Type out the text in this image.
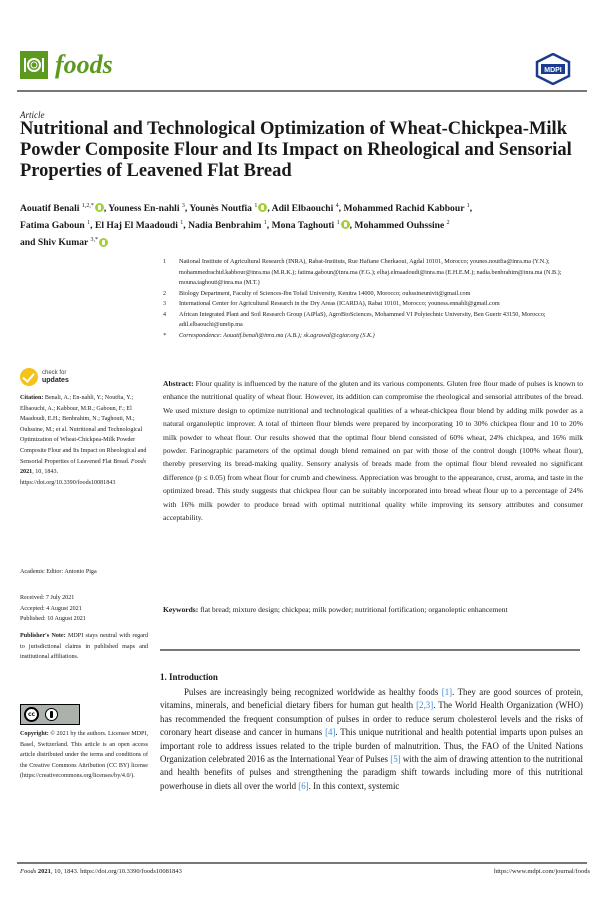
foods	MDPI
Article
Nutritional and Technological Optimization of Wheat-Chickpea-Milk Powder Composite Flour and Its Impact on Rheological and Sensorial Properties of Leavened Flat Bread
Aouatif Benali $^{1,2,*}$ , Youness En-nahli $^3$, Younès Noutfia $^1$ , Adil Elbaouchi $^4$, Mohammed Rachid Kabbour $^1$,
Fatima Gaboun $^1$, El Haj El Maadoudi $^1$, Nadia Benbrahim $^1$, Mona Taghouti $^1$ , Mohammed Ouhssine $^2$
and Shiv Kumar $^{3,*}$
1 National Institute of Agricultural Research (INRA), Rabat-Instituts, Rue Hafiane Cherkaoui, Agdal 10101, Morocco; younes.noutfia@inra.ma (Y.N.); mohammedrachid.kabbour@inra.ma (M.R.K.); fatima.gaboun@inra.ma (F.G.); elhaj.elmaadoudi@inra.ma (E.H.E.M.); nadia.benbrahim@inra.ma (N.B.); mouna.taghouti@inra.ma (M.T.)
2 Biology Department, Faculty of Sciences-Ibn Tofail University, Kenitra 14000, Morocco; ouhssineunivit@gmail.com
3 International Center for Agricultural Research in the Dry Areas (ICARDA), Rabat 10101, Morocco; youness.ennahli@gmail.com
4 African Integrated Plant and Soil Research Group (AiPlaS), AgroBioSciences, Mohammed VI Polytechnic University, Ben Guerir 43150, Morocco; adil.elbaouchi@um6p.ma
* Correspondence: Aouatif.benali@inra.ma (A.B.); sk.agrawal@cgiar.org (S.K.)
Abstract: Flour quality is influenced by the nature of the gluten and its various components. Gluten free flour made of pulses is known to enhance the nutritional quality of wheat flour. However, its addition can compromise the rheological and sensorial attributes of the bread. We used mixture design to optimize nutritional and technological qualities of a wheat-chickpea flour blend by adding milk powder as a natural organoleptic improver. A total of thirteen flour blends were prepared by incorporating 10 to 30% chickpea flour and 10 to 20% milk powder to wheat flour. Our results showed that the optimal flour blend consisted of 60% wheat, 24% chickpea, and 16% milk powder. Farinographic parameters of the optimal dough blend remained on par with those of the control dough (100% wheat flour), thereby preserving its bread-making quality. Sensory analysis of breads made from the optimal flour blend revealed no significant difference (p ≤ 0.05) from wheat flour for crumb and chewiness. Appreciation was brought to the appearance, crust, aroma, and taste in the optimized bread. This study suggests that chickpea flour can be suitably incorporated into bread wheat flour up to a percentage of 24% with 16% milk powder to produce bread with optimal nutritional quality while improving its sensory attributes and consumer acceptability.
Keywords: flat bread; mixture design; chickpea; milk powder; nutritional fortification; organoleptic enhancement
1. Introduction

Pulses are increasingly being recognized worldwide as healthy foods [1]. They are good sources of protein, vitamins, minerals, and beneficial dietary fibers for human gut health [2,3]. The World Health Organization (WHO) has recommended the frequent consumption of pulses in order to reduce serum cholesterol levels and the risks of coronary heart disease and cancer in humans [4]. This unique nutritional and health potential imparts upon pulses an important role to address issues related to the triple burden of malnutrition. Thus, the FAO of the United Nations Organization celebrated 2016 as the International Year of Pulses [5] with the aim of drawing attention to the nutritional and health benefits of pulses and strengthening the paradigm shift towards including more of this nutritional powerhouse in diets all over the world [6]. In this context, systemic

check for
updates
Citation: Benali, A.; En-nahli, Y.; Noutfia, Y.; Elbaouchi, A.; Kabbour, M.R.; Gaboun, F.; El Maadoudi, E.H.; Benbrahim, N.; Taghouti, M.; Ouhssine, M.; et al. Nutritional and Technological Optimization of Wheat-Chickpea-Milk Powder Composite Flour and Its Impact on Rheological and Sensorial Properties of Leavened Flat Bread. Foods 2021, 10, 1843. https://doi.org/10.3390/foods10081843
Academic Editor: Antonio Piga
Received: 7 July 2021
Accepted: 4 August 2021
Published: 10 August 2021
Publisher's Note: MDPI stays neutral with regard to jurisdictional claims in published maps and institutional affiliations.
cc
Copyright: © 2021 by the authors. Licensee MDPI, Basel, Switzerland. This article is an open access article distributed under the terms and conditions of the Creative Commons Attribution (CC BY) license (https://creativecommons.org/licenses/by/4.0/).
Foods 2021, 10, 1843. https://doi.org/10.3390/foods10081843	https://www.mdpi.com/journal/foods
